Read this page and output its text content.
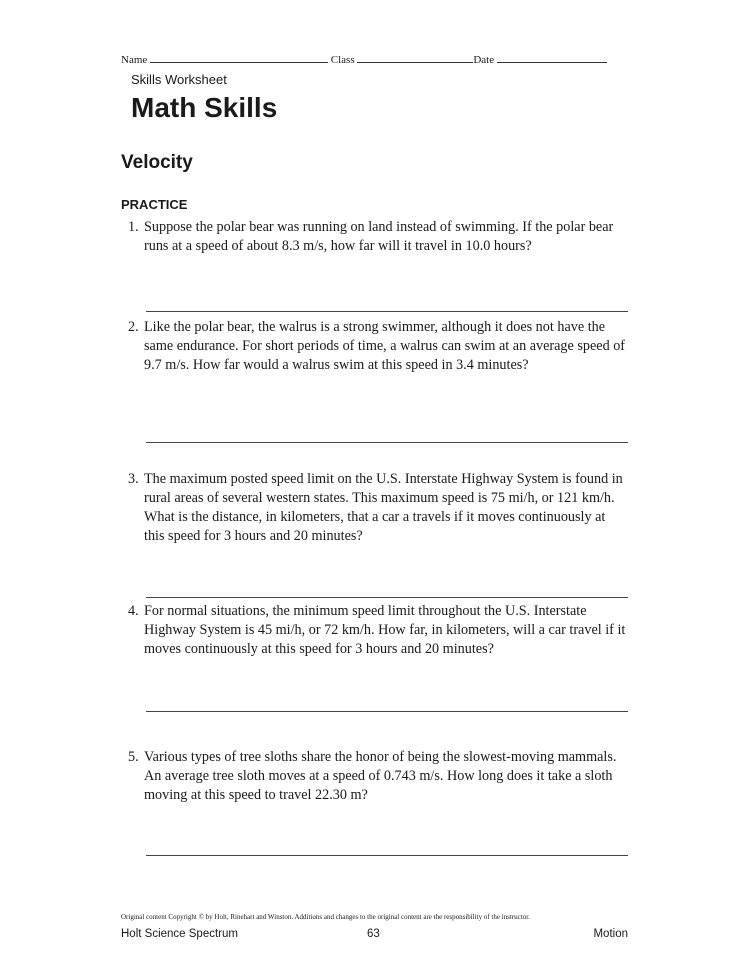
Name	Class	Date
Skills Worksheet
Math Skills
Velocity
PRACTICE
1. Suppose the polar bear was running on land instead of swimming. If the polar bear runs at a speed of about 8.3 m/s, how far will it travel in 10.0 hours?
2. Like the polar bear, the walrus is a strong swimmer, although it does not have the same endurance. For short periods of time, a walrus can swim at an average speed of 9.7 m/s. How far would a walrus swim at this speed in 3.4 minutes?
3. The maximum posted speed limit on the U.S. Interstate Highway System is found in rural areas of several western states. This maximum speed is 75 mi/h, or 121 km/h. What is the distance, in kilometers, that a car a travels if it moves continuously at this speed for 3 hours and 20 minutes?
4. For normal situations, the minimum speed limit throughout the U.S. Interstate Highway System is 45 mi/h, or 72 km/h. How far, in kilometers, will a car travel if it moves continuously at this speed for 3 hours and 20 minutes?
5. Various types of tree sloths share the honor of being the slowest-moving mammals. An average tree sloth moves at a speed of 0.743 m/s. How long does it take a sloth moving at this speed to travel 22.30 m?
Original content Copyright © by Holt, Rinehart and Winston. Additions and changes to the original content are the responsibility of the instructor.
Holt Science Spectrum	63	Motion
